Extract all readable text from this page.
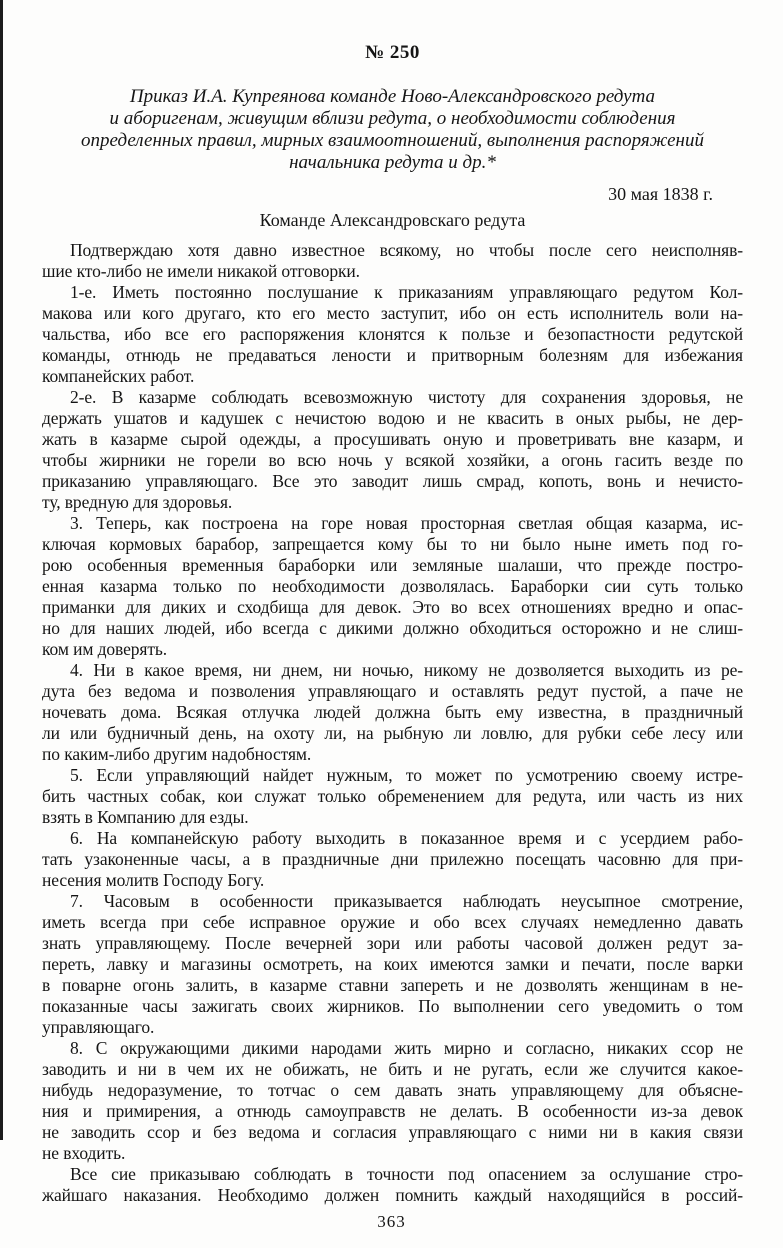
№ 250
Приказ И.А. Купреянова команде Ново-Александровского редута
и аборигенам, живущим вблизи редута, о необходимости соблюдения
определенных правил, мирных взаимоотношений, выполнения распоряжений
начальника редута и др.*
30 мая 1838 г.
Команде Александровскаго редута
Подтверждаю хотя давно известное всякому, но чтобы после сего неисполняв-
шие кто-либо не имели никакой отговорки.
1-е. Иметь постоянно послушание к приказаниям управляющаго редутом Кол-
макова или кого другаго, кто его место заступит, ибо он есть исполнитель воли на-
чальства, ибо все его распоряжения клонятся к пользе и безопастности редутской
команды, отнюдь не предаваться лености и притворным болезням для избежания
компанейских работ.
2-е. В казарме соблюдать всевозможную чистоту для сохранения здоровья, не
держать ушатов и кадушек с нечистою водою и не квасить в оных рыбы, не дер-
жать в казарме сырой одежды, а просушивать оную и проветривать вне казарм, и
чтобы жирники не горели во всю ночь у всякой хозяйки, а огонь гасить везде по
приказанию управляющаго. Все это заводит лишь смрад, копоть, вонь и нечисто-
ту, вредную для здоровья.
3. Теперь, как построена на горе новая просторная светлая общая казарма, ис-
ключая кормовых барабор, запрещается кому бы то ни было ныне иметь под го-
рою особенныя временныя бараборки или земляные шалаши, что прежде постро-
енная казарма только по необходимости дозволялась. Бараборки сии суть только
приманки для диких и сходбища для девок. Это во всех отношениях вредно и опас-
но для наших людей, ибо всегда с дикими должно обходиться осторожно и не слиш-
ком им доверять.
4. Ни в какое время, ни днем, ни ночью, никому не дозволяется выходить из ре-
дута без ведома и позволения управляющаго и оставлять редут пустой, а паче не
ночевать дома. Всякая отлучка людей должна быть ему известна, в праздничный
ли или будничный день, на охоту ли, на рыбную ли ловлю, для рубки себе лесу или
по каким-либо другим надобностям.
5. Если управляющий найдет нужным, то может по усмотрению своему истре-
бить частных собак, кои служат только обременением для редута, или часть из них
взять в Компанию для езды.
6. На компанейскую работу выходить в показанное время и с усердием рабо-
тать узаконенные часы, а в праздничные дни прилежно посещать часовню для при-
несения молитв Господу Богу.
7. Часовым в особенности приказывается наблюдать неусыпное смотрение,
иметь всегда при себе исправное оружие и обо всех случаях немедленно давать
знать управляющему. После вечерней зори или работы часовой должен редут за-
переть, лавку и магазины осмотреть, на коих имеются замки и печати, после варки
в поварне огонь залить, в казарме ставни запереть и не дозволять женщинам в не-
показанные часы зажигать своих жирников. По выполнении сего уведомить о том
управляющаго.
8. С окружающими дикими народами жить мирно и согласно, никаких ссор не
заводить и ни в чем их не обижать, не бить и не ругать, если же случится какое-
нибудь недоразумение, то тотчас о сем давать знать управляющему для объясне-
ния и примирения, а отнюдь самоуправств не делать. В особенности из-за девок
не заводить ссор и без ведома и согласия управляющаго с ними ни в какия связи
не входить.
Все сие приказываю соблюдать в точности под опасением за ослушание стро-
жайшаго наказания. Необходимо должен помнить каждый находящийся в россий-
363
